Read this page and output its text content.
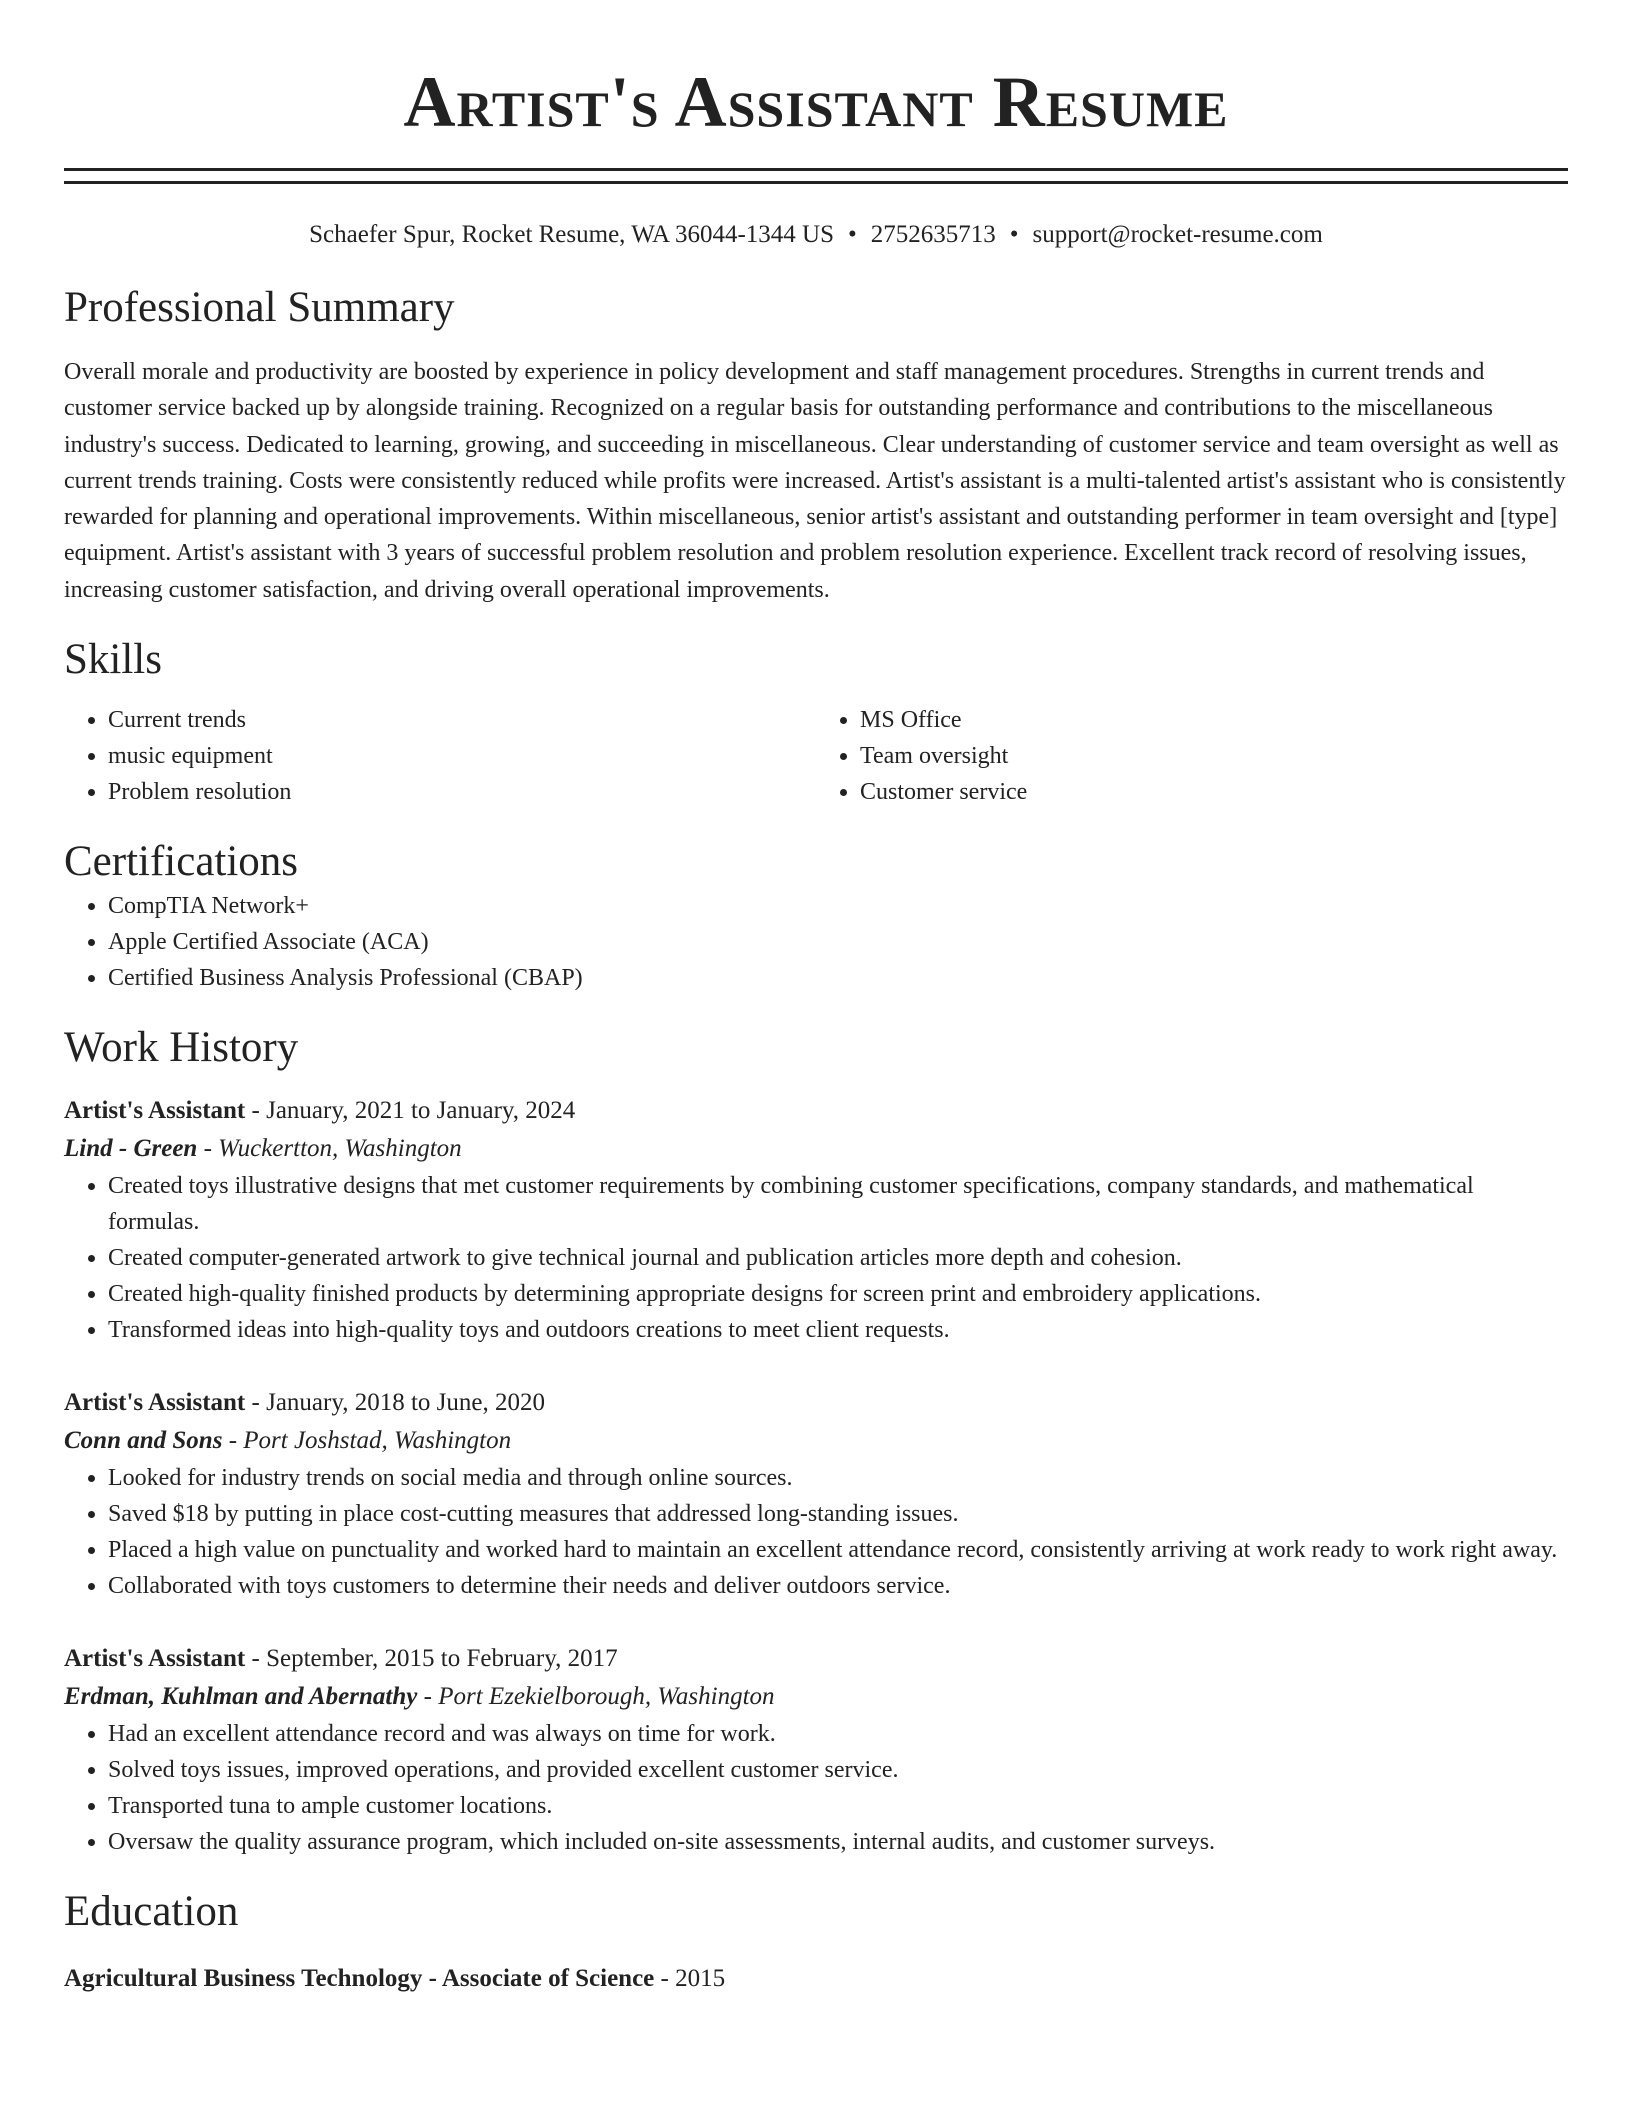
Artist's Assistant Resume
Schaefer Spur, Rocket Resume, WA 36044-1344 US • 2752635713 • support@rocket-resume.com
Professional Summary

Overall morale and productivity are boosted by experience in policy development and staff management procedures. Strengths in current trends and customer service backed up by alongside training. Recognized on a regular basis for outstanding performance and contributions to the miscellaneous industry's success. Dedicated to learning, growing, and succeeding in miscellaneous. Clear understanding of customer service and team oversight as well as current trends training. Costs were consistently reduced while profits were increased. Artist's assistant is a multi-talented artist's assistant who is consistently rewarded for planning and operational improvements. Within miscellaneous, senior artist's assistant and outstanding performer in team oversight and [type] equipment. Artist's assistant with 3 years of successful problem resolution and problem resolution experience. Excellent track record of resolving issues, increasing customer satisfaction, and driving overall operational improvements.

Skills
• Current trends
• music equipment
• Problem resolution
• MS Office
• Team oversight
• Customer service
Certifications
• CompTIA Network+
• Apple Certified Associate (ACA)
• Certified Business Analysis Professional (CBAP)
Work History
Artist's Assistant - January, 2021 to January, 2024
Lind - Green - Wuckertton, Washington
• Created toys illustrative designs that met customer requirements by combining customer specifications, company standards, and mathematical formulas.
• Created computer-generated artwork to give technical journal and publication articles more depth and cohesion.
• Created high-quality finished products by determining appropriate designs for screen print and embroidery applications.
• Transformed ideas into high-quality toys and outdoors creations to meet client requests.
Artist's Assistant - January, 2018 to June, 2020
Conn and Sons - Port Joshstad, Washington
• Looked for industry trends on social media and through online sources.
• Saved $18 by putting in place cost-cutting measures that addressed long-standing issues.
• Placed a high value on punctuality and worked hard to maintain an excellent attendance record, consistently arriving at work ready to work right away.
• Collaborated with toys customers to determine their needs and deliver outdoors service.
Artist's Assistant - September, 2015 to February, 2017
Erdman, Kuhlman and Abernathy - Port Ezekielborough, Washington
• Had an excellent attendance record and was always on time for work.
• Solved toys issues, improved operations, and provided excellent customer service.
• Transported tuna to ample customer locations.
• Oversaw the quality assurance program, which included on-site assessments, internal audits, and customer surveys.
Education
Agricultural Business Technology - Associate of Science - 2015
